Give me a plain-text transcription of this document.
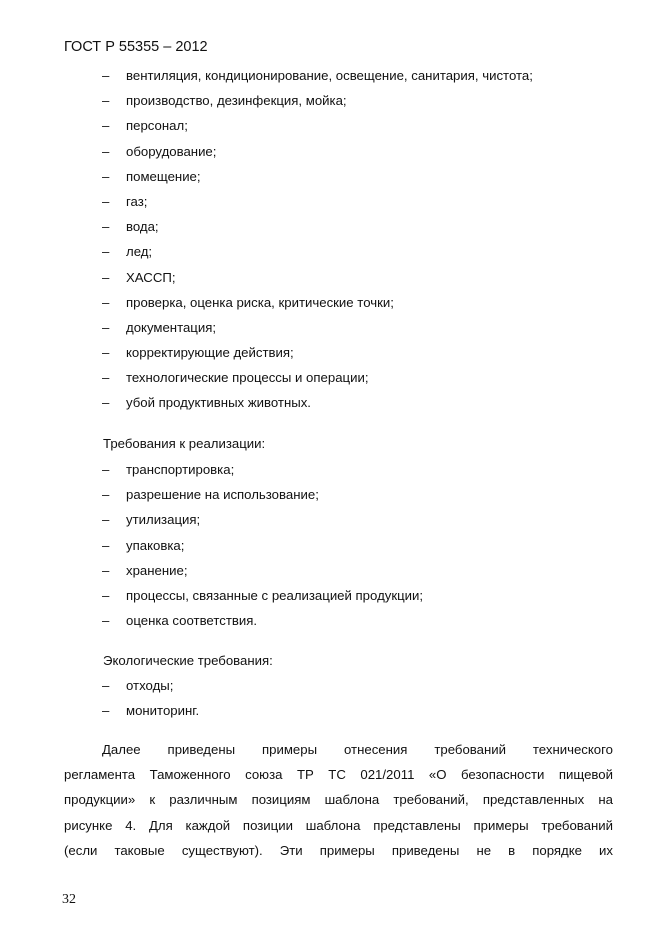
ГОСТ Р 55355 – 2012
– вентиляция, кондиционирование, освещение, санитария, чистота;
– производство, дезинфекция, мойка;
– персонал;
– оборудование;
– помещение;
– газ;
– вода;
– лед;
– ХАССП;
– проверка, оценка риска, критические точки;
– документация;
– корректирующие действия;
– технологические процессы и операции;
– убой продуктивных животных.
Требования к реализации:
– транспортировка;
– разрешение на использование;
– утилизация;
– упаковка;
– хранение;
– процессы, связанные с реализацией продукции;
– оценка соответствия.
Экологические требования:
– отходы;
– мониторинг.
Далее приведены примеры отнесения требований технического
регламента Таможенного союза ТР ТС 021/2011 «О безопасности пищевой
продукции» к различным позициям шаблона требований, представленных на
рисунке 4. Для каждой позиции шаблона представлены примеры требований
(если таковые существуют). Эти примеры приведены не в порядке их
32
